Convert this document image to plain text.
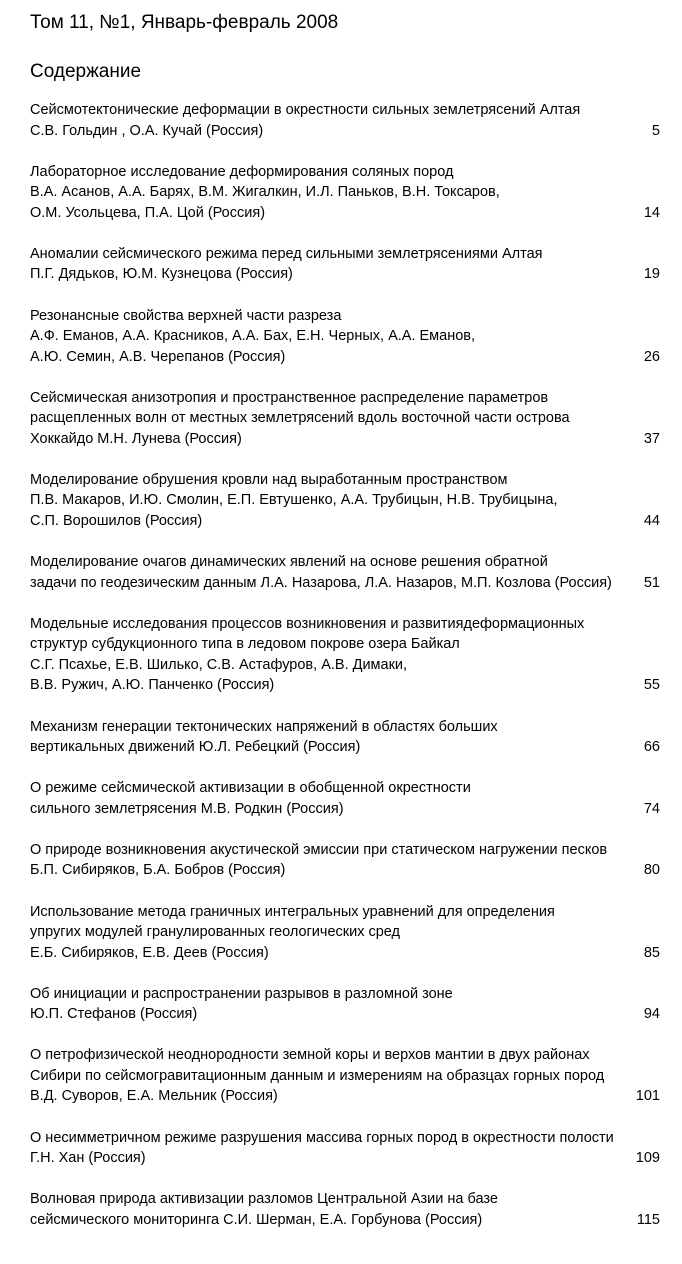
Том 11, №1, Январь-февраль 2008
Содержание
Сейсмотектонические деформации в окрестности сильных землетрясений Алтая
С.В. Гольдин , О.А. Кучай (Россия)	5
Лабораторное исследование деформирования соляных пород
В.А. Асанов, А.А. Барях, В.М. Жигалкин, И.Л. Паньков, В.Н. Токсаров,
О.М. Усольцева, П.А. Цой (Россия)	14
Аномалии сейсмического режима перед сильными землетрясениями Алтая
П.Г. Дядьков, Ю.М. Кузнецова (Россия)	19
Резонансные свойства верхней части разреза
А.Ф. Еманов, А.А. Красников, А.А. Бах, Е.Н. Черных, А.А. Еманов,
А.Ю. Семин, А.В. Черепанов (Россия)	26
Сейсмическая анизотропия и пространственное распределение параметров
расщепленных волн от местных землетрясений вдоль восточной части острова
Хоккайдо М.Н. Лунева (Россия)	37
Моделирование обрушения кровли над выработанным пространством
П.В. Макаров, И.Ю. Смолин, Е.П. Евтушенко, А.А. Трубицын, Н.В. Трубицына,
С.П. Ворошилов (Россия)	44
Моделирование очагов динамических явлений на основе решения обратной
задачи по геодезическим данным Л.А. Назарова, Л.А. Назаров, М.П. Козлова (Россия) 51
Модельные исследования процессов возникновения и развитиядеформационных
структур субдукционного типа в ледовом покрове озера Байкал
С.Г. Псахье, Е.В. Шилько, С.В. Астафуров, А.В. Димаки,
В.В. Ружич, А.Ю. Панченко (Россия)	55
Механизм генерации тектонических напряжений в областях больших
вертикальных движений Ю.Л. Ребецкий (Россия)	66
О режиме сейсмической активизации в обобщенной окрестности
сильного землетрясения М.В. Родкин (Россия)	74
О природе возникновения акустической эмиссии при статическом нагружении песков
Б.П. Сибиряков, Б.А. Бобров (Россия)	80
Использование метода граничных интегральных уравнений для определения
упругих модулей гранулированных геологических сред
Е.Б. Сибиряков, Е.В. Деев (Россия)	85
Об инициации и распространении разрывов в разломной зоне
Ю.П. Стефанов (Россия)	94
О петрофизической неоднородности земной коры и верхов мантии в двух районах
Сибири по сейсмогравитационным данным и измерениям на образцах горных пород
В.Д. Суворов, Е.А. Мельник (Россия)	101
О несимметричном режиме разрушения массива горных пород в окрестности полости
Г.Н. Хан (Россия)	109
Волновая природа активизации разломов Центральной Азии на базе
сейсмического мониторинга С.И. Шерман, Е.А. Горбунова (Россия)	115
